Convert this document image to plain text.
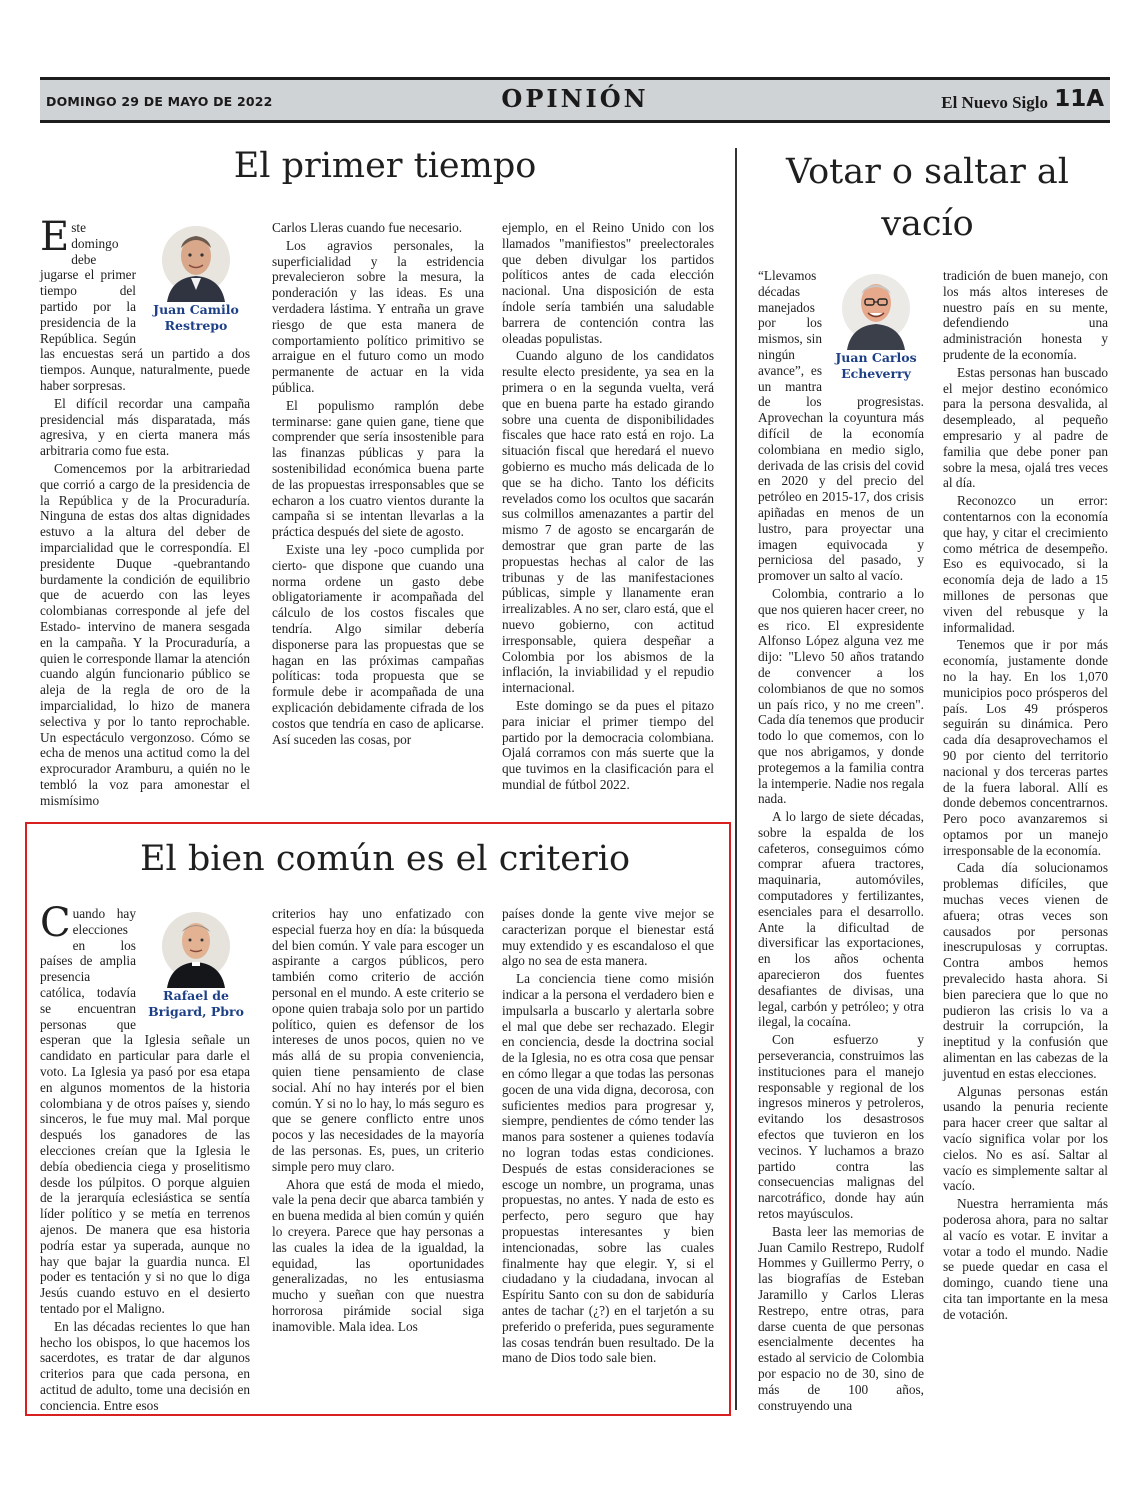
DOMINGO 29 DE MAYO DE 2022	OPINIÓN	El Nuevo Siglo 11A
El primer tiempo
Juan Camilo
Restrepo

Este domingo debe jugarse el primer tiempo del partido por la presidencia de la República. Según las encuestas será un partido a dos tiempos. Aunque, naturalmente, puede haber sorpresas.

El difícil recordar una campaña presidencial más disparatada, más agresiva, y en cierta manera más arbitraria como fue esta.

Comencemos por la arbitrariedad que corrió a cargo de la presidencia de la República y de la Procuraduría. Ninguna de estas dos altas dignidades estuvo a la altura del deber de imparcialidad que le correspondía. El presidente Duque -quebrantando burdamente la condición de equilibrio que de acuerdo con las leyes colombianas corresponde al jefe del Estado- intervino de manera sesgada en la campaña. Y la Procuraduría, a quien le corresponde llamar la atención cuando algún funcionario público se aleja de la regla de oro de la imparcialidad, lo hizo de manera selectiva y por lo tanto reprochable. Un espectáculo vergonzoso. Cómo se echa de menos una actitud como la del exprocurador Aramburu, a quién no le tembló la voz para amonestar el mismísimo

Carlos Lleras cuando fue necesario.

Los agravios personales, la superficialidad y la estridencia prevalecieron sobre la mesura, la ponderación y las ideas. Es una verdadera lástima. Y entraña un grave riesgo de que esta manera de comportamiento político primitivo se arraigue en el futuro como un modo permanente de actuar en la vida pública.

El populismo ramplón debe terminarse: gane quien gane, tiene que comprender que sería insostenible para las finanzas públicas y para la sostenibilidad económica buena parte de las propuestas irresponsables que se echaron a los cuatro vientos durante la campaña si se intentan llevarlas a la práctica después del siete de agosto.

Existe una ley -poco cumplida por cierto- que dispone que cuando una norma ordene un gasto debe obligatoriamente ir acompañada del cálculo de los costos fiscales que tendría. Algo similar debería disponerse para las propuestas que se hagan en las próximas campañas políticas: toda propuesta que se formule debe ir acompañada de una explicación debidamente cifrada de los costos que tendría en caso de aplicarse. Así suceden las cosas, por

ejemplo, en el Reino Unido con los llamados "manifiestos" preelectorales que deben divulgar los partidos políticos antes de cada elección nacional. Una disposición de esta índole sería también una saludable barrera de contención contra las oleadas populistas.

Cuando alguno de los candidatos resulte electo presidente, ya sea en la primera o en la segunda vuelta, verá que en buena parte ha estado girando sobre una cuenta de disponibilidades fiscales que hace rato está en rojo. La situación fiscal que heredará el nuevo gobierno es mucho más delicada de lo que se ha dicho. Tanto los déficits revelados como los ocultos que sacarán sus colmillos amenazantes a partir del mismo 7 de agosto se encargarán de demostrar que gran parte de las propuestas hechas al calor de las tribunas y de las manifestaciones públicas, simple y llanamente eran irrealizables. A no ser, claro está, que el nuevo gobierno, con actitud irresponsable, quiera despeñar a Colombia por los abismos de la inflación, la inviabilidad y el repudio internacional.

Este domingo se da pues el pitazo para iniciar el primer tiempo del partido por la democracia colombiana. Ojalá corramos con más suerte que la que tuvimos en la clasificación para el mundial de fútbol 2022.

El bien común es el criterio
Rafael de
Brigard, Pbro

Cuando hay elecciones en los países de amplia presencia católica, todavía se encuentran personas que esperan que la Iglesia señale un candidato en particular para darle el voto. La Iglesia ya pasó por esa etapa en algunos momentos de la historia colombiana y de otros países y, siendo sinceros, le fue muy mal. Mal porque después los ganadores de las elecciones creían que la Iglesia le debía obediencia ciega y proselitismo desde los púlpitos. O porque alguien de la jerarquía eclesiástica se sentía líder político y se metía en terrenos ajenos. De manera que esa historia podría estar ya superada, aunque no hay que bajar la guardia nunca. El poder es tentación y si no que lo diga Jesús cuando estuvo en el desierto tentado por el Maligno.

En las décadas recientes lo que han hecho los obispos, lo que hacemos los sacerdotes, es tratar de dar algunos criterios para que cada persona, en actitud de adulto, tome una decisión en conciencia. Entre esos

criterios hay uno enfatizado con especial fuerza hoy en día: la búsqueda del bien común. Y vale para escoger un aspirante a cargos públicos, pero también como criterio de acción personal en el mundo. A este criterio se opone quien trabaja solo por un partido político, quien es defensor de los intereses de unos pocos, quien no ve más allá de su propia conveniencia, quien tiene pensamiento de clase social. Ahí no hay interés por el bien común. Y si no lo hay, lo más seguro es que se genere conflicto entre unos pocos y las necesidades de la mayoría de las personas. Es, pues, un criterio simple pero muy claro.

Ahora que está de moda el miedo, vale la pena decir que abarca también y en buena medida al bien común y quién lo creyera. Parece que hay personas a las cuales la idea de la igualdad, la equidad, las oportunidades generalizadas, no les entusiasma mucho y sueñan con que nuestra horrorosa pirámide social siga inamovible. Mala idea. Los

países donde la gente vive mejor se caracterizan porque el bienestar está muy extendido y es escandaloso el que algo no sea de esta manera.

La conciencia tiene como misión indicar a la persona el verdadero bien e impulsarla a buscarlo y alertarla sobre el mal que debe ser rechazado. Elegir en conciencia, desde la doctrina social de la Iglesia, no es otra cosa que pensar en cómo llegar a que todas las personas gocen de una vida digna, decorosa, con suficientes medios para progresar y, siempre, pendientes de cómo tender las manos para sostener a quienes todavía no logran todas estas condiciones. Después de estas consideraciones se escoge un nombre, un programa, unas propuestas, no antes. Y nada de esto es perfecto, pero seguro que hay propuestas interesantes y bien intencionadas, sobre las cuales finalmente hay que elegir. Y, si el ciudadano y la ciudadana, invocan al Espíritu Santo con su don de sabiduría antes de tachar (¿?) en el tarjetón a su preferido o preferida, pues seguramente las cosas tendrán buen resultado. De la mano de Dios todo sale bien.

Votar o saltar al vacío
Juan Carlos
Echeverry

“Llevamos décadas manejados por los mismos, sin ningún avance”, es un mantra de los progresistas. Aprovechan la coyuntura más difícil de la economía colombiana en medio siglo, derivada de las crisis del covid en 2020 y del precio del petróleo en 2015-17, dos crisis apiñadas en menos de un lustro, para proyectar una imagen equivocada y perniciosa del pasado, y promover un salto al vacío.

Colombia, contrario a lo que nos quieren hacer creer, no es rico. El expresidente Alfonso López alguna vez me dijo: "Llevo 50 años tratando de convencer a los colombianos de que no somos un país rico, y no me creen". Cada día tenemos que producir todo lo que comemos, con lo que nos abrigamos, y donde protegemos a la familia contra la intemperie. Nadie nos regala nada.

A lo largo de siete décadas, sobre la espalda de los cafeteros, conseguimos cómo comprar afuera tractores, maquinaria, automóviles, computadores y fertilizantes, esenciales para el desarrollo. Ante la dificultad de diversificar las exportaciones, en los años ochenta aparecieron dos fuentes desafiantes de divisas, una legal, carbón y petróleo; y otra ilegal, la cocaína.

Con esfuerzo y perseverancia, construimos las instituciones para el manejo responsable y regional de los ingresos mineros y petroleros, evitando los desastrosos efectos que tuvieron en los vecinos. Y luchamos a brazo partido contra las consecuencias malignas del narcotráfico, donde hay aún retos mayúsculos.

Basta leer las memorias de Juan Camilo Restrepo, Rudolf Hommes y Guillermo Perry, o las biografías de Esteban Jaramillo y Carlos Lleras Restrepo, entre otras, para darse cuenta de que personas esencialmente decentes ha estado al servicio de Colombia por espacio no de 30, sino de más de 100 años, construyendo una

tradición de buen manejo, con los más altos intereses de nuestro país en su mente, defendiendo una administración honesta y prudente de la economía.

Estas personas han buscado el mejor destino económico para la persona desvalida, al desempleado, al pequeño empresario y al padre de familia que debe poner pan sobre la mesa, ojalá tres veces al día.

Reconozco un error: contentarnos con la economía que hay, y citar el crecimiento como métrica de desempeño. Eso es equivocado, si la economía deja de lado a 15 millones de personas que viven del rebusque y la informalidad.

Tenemos que ir por más economía, justamente donde no la hay. En los 1,070 municipios poco prósperos del país. Los 49 prósperos seguirán su dinámica. Pero cada día desaprovechamos el 90 por ciento del territorio nacional y dos terceras partes de la fuera laboral. Allí es donde debemos concentrarnos. Pero poco avanzaremos si optamos por un manejo irresponsable de la economía.

Cada día solucionamos problemas difíciles, que muchas veces vienen de afuera; otras veces son causados por personas inescrupulosas y corruptas. Contra ambos hemos prevalecido hasta ahora. Si bien pareciera que lo que no pudieron las crisis lo va a destruir la corrupción, la ineptitud y la confusión que alimentan en las cabezas de la juventud en estas elecciones.

Algunas personas están usando la penuria reciente para hacer creer que saltar al vacío significa volar por los cielos. No es así. Saltar al vacío es simplemente saltar al vacío.

Nuestra herramienta más poderosa ahora, para no saltar al vacío es votar. E invitar a votar a todo el mundo. Nadie se puede quedar en casa el domingo, cuando tiene una cita tan importante en la mesa de votación.
